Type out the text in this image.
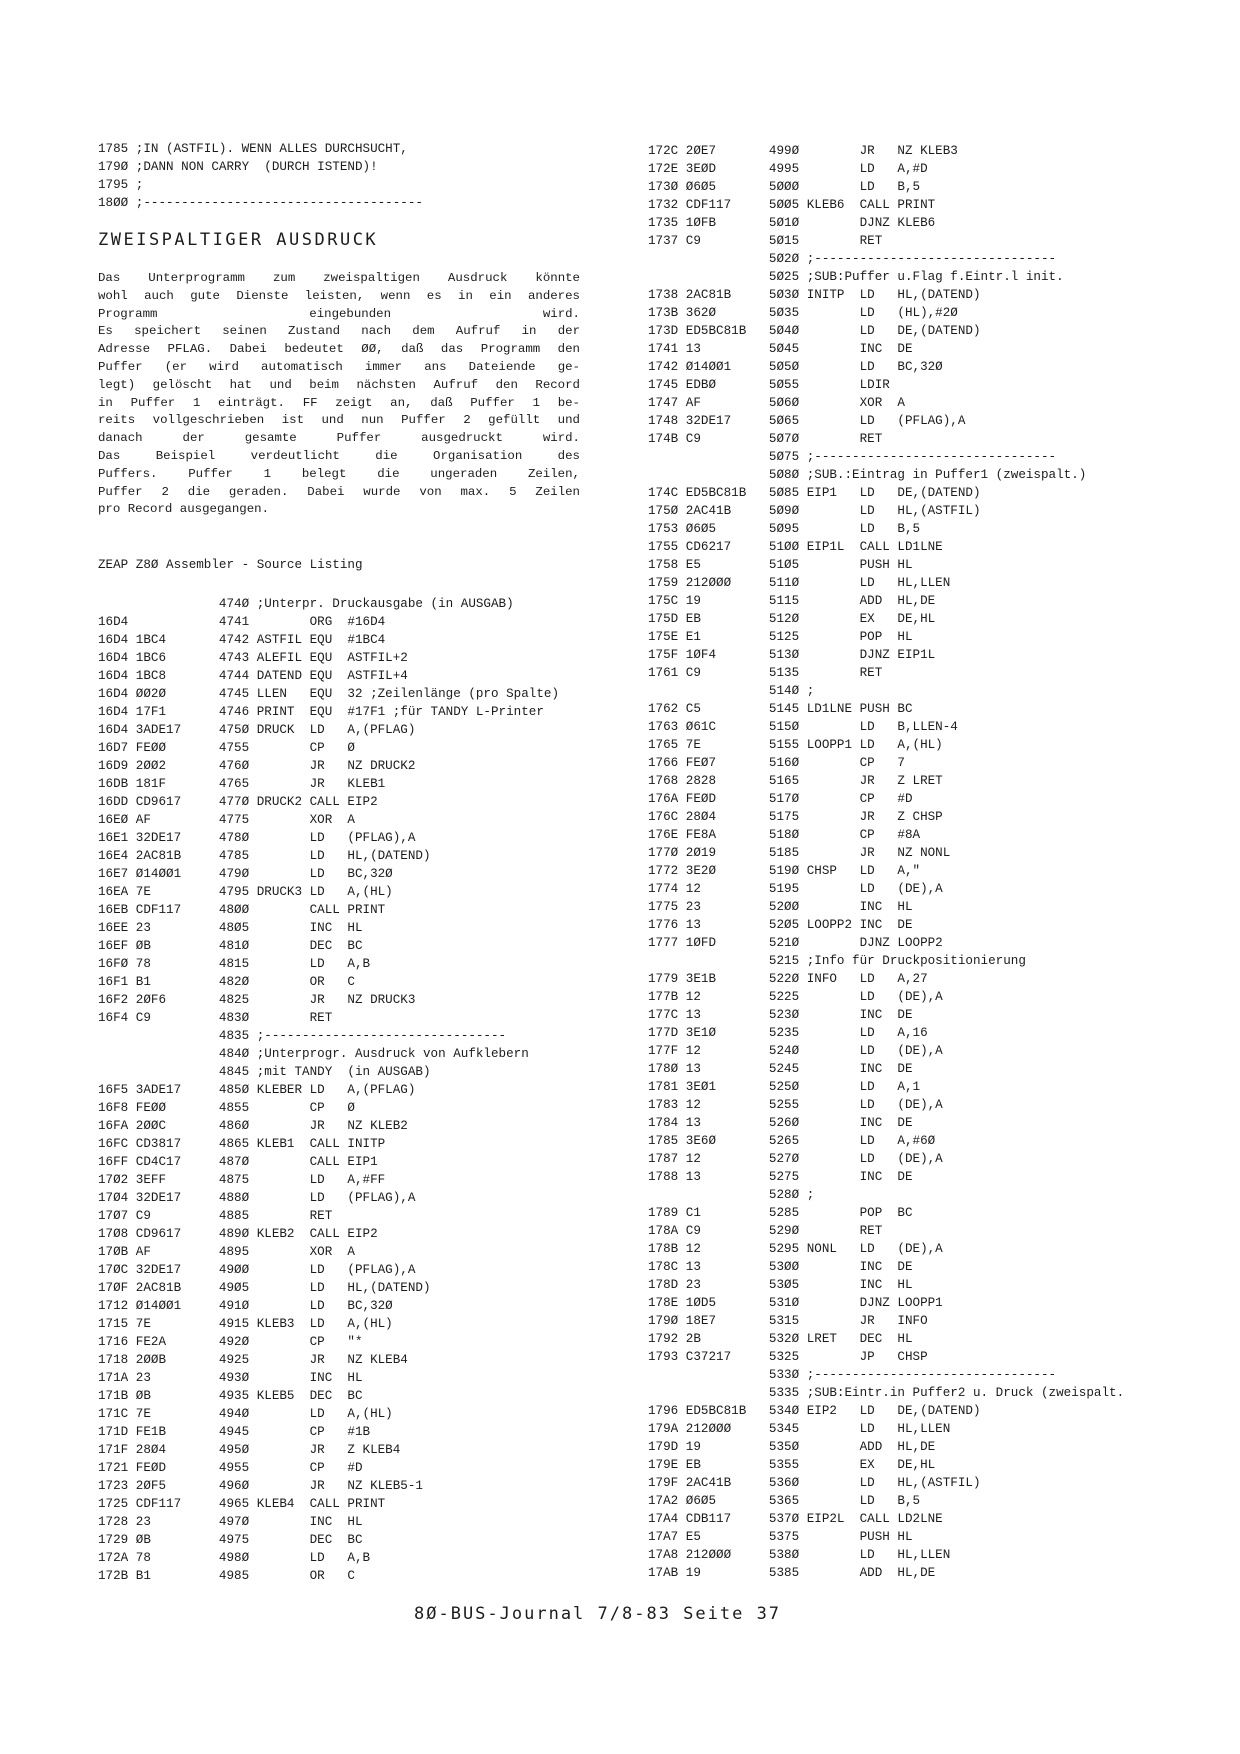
1785 ;IN (ASTFIL). WENN ALLES DURCHSUCHT,
179Ø ;DANN NON CARRY  (DURCH ISTEND)!
1795 ;
18ØØ ;-------------------------------------
ZWEISPALTIGER AUSDRUCK
Das Unterprogramm zum zweispaltigen Ausdruck könnte
wohl auch gute Dienste leisten, wenn es in ein anderes
Programm eingebunden wird.
Es speichert seinen Zustand nach dem Aufruf in der
Adresse PFLAG. Dabei bedeutet ØØ, daß das Programm den
Puffer (er wird automatisch immer ans Dateiende ge-
legt) gelöscht hat und beim nächsten Aufruf den Record
in Puffer 1 einträgt. FF zeigt an, daß Puffer 1 be-
reits vollgeschrieben ist und nun Puffer 2 gefüllt und
danach der gesamte Puffer ausgedruckt wird.
Das Beispiel verdeutlicht die Organisation des
Puffers. Puffer 1 belegt die ungeraden Zeilen,
Puffer 2 die geraden. Dabei wurde von max. 5 Zeilen
pro Record ausgegangen.
ZEAP Z8Ø Assembler - Source Listing
474Ø ;Unterpr. Druckausgabe (in AUSGAB)
16D4            4741        ORG  #16D4
16D4 1BC4       4742 ASTFIL EQU  #1BC4
16D4 1BC6       4743 ALEFIL EQU  ASTFIL+2
16D4 1BC8       4744 DATEND EQU  ASTFIL+4
16D4 ØØ2Ø       4745 LLEN   EQU  32 ;Zeilenlänge (pro Spalte)
16D4 17F1       4746 PRINT  EQU  #17F1 ;für TANDY L-Printer
16D4 3ADE17     475Ø DRUCK  LD   A,(PFLAG)
16D7 FEØØ       4755        CP   Ø
16D9 2ØØ2       476Ø        JR   NZ DRUCK2
16DB 181F       4765        JR   KLEB1
16DD CD9617     477Ø DRUCK2 CALL EIP2
16EØ AF         4775        XOR  A
16E1 32DE17     478Ø        LD   (PFLAG),A
16E4 2AC81B     4785        LD   HL,(DATEND)
16E7 Ø14ØØ1     479Ø        LD   BC,32Ø
16EA 7E         4795 DRUCK3 LD   A,(HL)
16EB CDF117     48ØØ        CALL PRINT
16EE 23         48Ø5        INC  HL
16EF ØB         481Ø        DEC  BC
16FØ 78         4815        LD   A,B
16F1 B1         482Ø        OR   C
16F2 2ØF6       4825        JR   NZ DRUCK3
16F4 C9         483Ø        RET
4835 ;--------------------------------
484Ø ;Unterprogr. Ausdruck von Aufklebern
4845 ;mit TANDY  (in AUSGAB)
16F5 3ADE17     485Ø KLEBER LD   A,(PFLAG)
16F8 FEØØ       4855        CP   Ø
16FA 2ØØC       486Ø        JR   NZ KLEB2
16FC CD3817     4865 KLEB1  CALL INITP
16FF CD4C17     487Ø        CALL EIP1
17Ø2 3EFF       4875        LD   A,#FF
17Ø4 32DE17     488Ø        LD   (PFLAG),A
17Ø7 C9         4885        RET
17Ø8 CD9617     489Ø KLEB2  CALL EIP2
17ØB AF         4895        XOR  A
17ØC 32DE17     49ØØ        LD   (PFLAG),A
17ØF 2AC81B     49Ø5        LD   HL,(DATEND)
1712 Ø14ØØ1     491Ø        LD   BC,32Ø
1715 7E         4915 KLEB3  LD   A,(HL)
1716 FE2A       492Ø        CP   "*
1718 2ØØB       4925        JR   NZ KLEB4
171A 23         493Ø        INC  HL
171B ØB         4935 KLEB5  DEC  BC
171C 7E         494Ø        LD   A,(HL)
171D FE1B       4945        CP   #1B
171F 28Ø4       495Ø        JR   Z KLEB4
1721 FEØD       4955        CP   #D
1723 2ØF5       496Ø        JR   NZ KLEB5-1
1725 CDF117     4965 KLEB4  CALL PRINT
1728 23         497Ø        INC  HL
1729 ØB         4975        DEC  BC
172A 78         498Ø        LD   A,B
172B B1         4985        OR   C
172C 2ØE7       499Ø        JR   NZ KLEB3
172E 3EØD       4995        LD   A,#D
173Ø Ø6Ø5       5ØØØ        LD   B,5
1732 CDF117     5ØØ5 KLEB6  CALL PRINT
1735 1ØFB       5Ø1Ø        DJNZ KLEB6
1737 C9         5Ø15        RET
5Ø2Ø ;--------------------------------
5Ø25 ;SUB:Puffer u.Flag f.Eintr.l init.
1738 2AC81B     5Ø3Ø INITP  LD   HL,(DATEND)
173B 362Ø       5Ø35        LD   (HL),#2Ø
173D ED5BC81B   5Ø4Ø        LD   DE,(DATEND)
1741 13         5Ø45        INC  DE
1742 Ø14ØØ1     5Ø5Ø        LD   BC,32Ø
1745 EDBØ       5Ø55        LDIR
1747 AF         5Ø6Ø        XOR  A
1748 32DE17     5Ø65        LD   (PFLAG),A
174B C9         5Ø7Ø        RET
5Ø75 ;--------------------------------
5Ø8Ø ;SUB.:Eintrag in Puffer1 (zweispalt.)
174C ED5BC81B   5Ø85 EIP1   LD   DE,(DATEND)
175Ø 2AC41B     5Ø9Ø        LD   HL,(ASTFIL)
1753 Ø6Ø5       5Ø95        LD   B,5
1755 CD6217     51ØØ EIP1L  CALL LD1LNE
1758 E5         51Ø5        PUSH HL
1759 212ØØØ     511Ø        LD   HL,LLEN
175C 19         5115        ADD  HL,DE
175D EB         512Ø        EX   DE,HL
175E E1         5125        POP  HL
175F 1ØF4       513Ø        DJNZ EIP1L
1761 C9         5135        RET
514Ø ;
1762 C5         5145 LD1LNE PUSH BC
1763 Ø61C       515Ø        LD   B,LLEN-4
1765 7E         5155 LOOPP1 LD   A,(HL)
1766 FEØ7       516Ø        CP   7
1768 2828       5165        JR   Z LRET
176A FEØD       517Ø        CP   #D
176C 28Ø4       5175        JR   Z CHSP
176E FE8A       518Ø        CP   #8A
177Ø 2Ø19       5185        JR   NZ NONL
1772 3E2Ø       519Ø CHSP   LD   A,"
1774 12         5195        LD   (DE),A
1775 23         52ØØ        INC  HL
1776 13         52Ø5 LOOPP2 INC  DE
1777 1ØFD       521Ø        DJNZ LOOPP2
5215 ;Info für Druckpositionierung
1779 3E1B       522Ø INFO   LD   A,27
177B 12         5225        LD   (DE),A
177C 13         523Ø        INC  DE
177D 3E1Ø       5235        LD   A,16
177F 12         524Ø        LD   (DE),A
178Ø 13         5245        INC  DE
1781 3EØ1       525Ø        LD   A,1
1783 12         5255        LD   (DE),A
1784 13         526Ø        INC  DE
1785 3E6Ø       5265        LD   A,#6Ø
1787 12         527Ø        LD   (DE),A
1788 13         5275        INC  DE
528Ø ;
1789 C1         5285        POP  BC
178A C9         529Ø        RET
178B 12         5295 NONL   LD   (DE),A
178C 13         53ØØ        INC  DE
178D 23         53Ø5        INC  HL
178E 1ØD5       531Ø        DJNZ LOOPP1
179Ø 18E7       5315        JR   INFO
1792 2B         532Ø LRET   DEC  HL
1793 C37217     5325        JP   CHSP
533Ø ;--------------------------------
5335 ;SUB:Eintr.in Puffer2 u. Druck (zweispalt.
1796 ED5BC81B   534Ø EIP2   LD   DE,(DATEND)
179A 212ØØØ     5345        LD   HL,LLEN
179D 19         535Ø        ADD  HL,DE
179E EB         5355        EX   DE,HL
179F 2AC41B     536Ø        LD   HL,(ASTFIL)
17A2 Ø6Ø5       5365        LD   B,5
17A4 CDB117     537Ø EIP2L  CALL LD2LNE
17A7 E5         5375        PUSH HL
17A8 212ØØØ     538Ø        LD   HL,LLEN
17AB 19         5385        ADD  HL,DE
8Ø-BUS-Journal 7/8-83 Seite 37
